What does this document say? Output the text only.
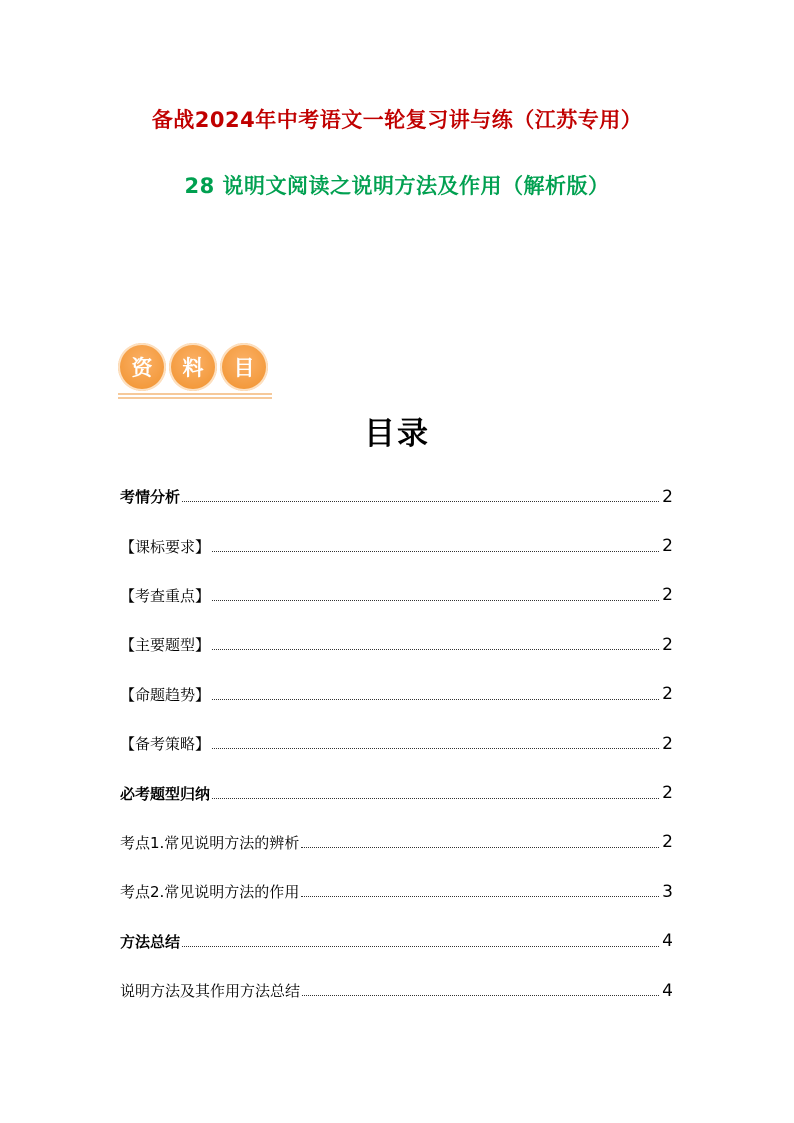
备战2024年中考语文一轮复习讲与练（江苏专用）
28 说明文阅读之说明方法及作用（解析版）
资	料	目
目录
考情分析	2
【课标要求】	2
【考查重点】	2
【主要题型】	2
【命题趋势】	2
【备考策略】	2
必考题型归纳	2
考点1.常见说明方法的辨析	2
考点2.常见说明方法的作用	3
方法总结	4
说明方法及其作用方法总结	4
